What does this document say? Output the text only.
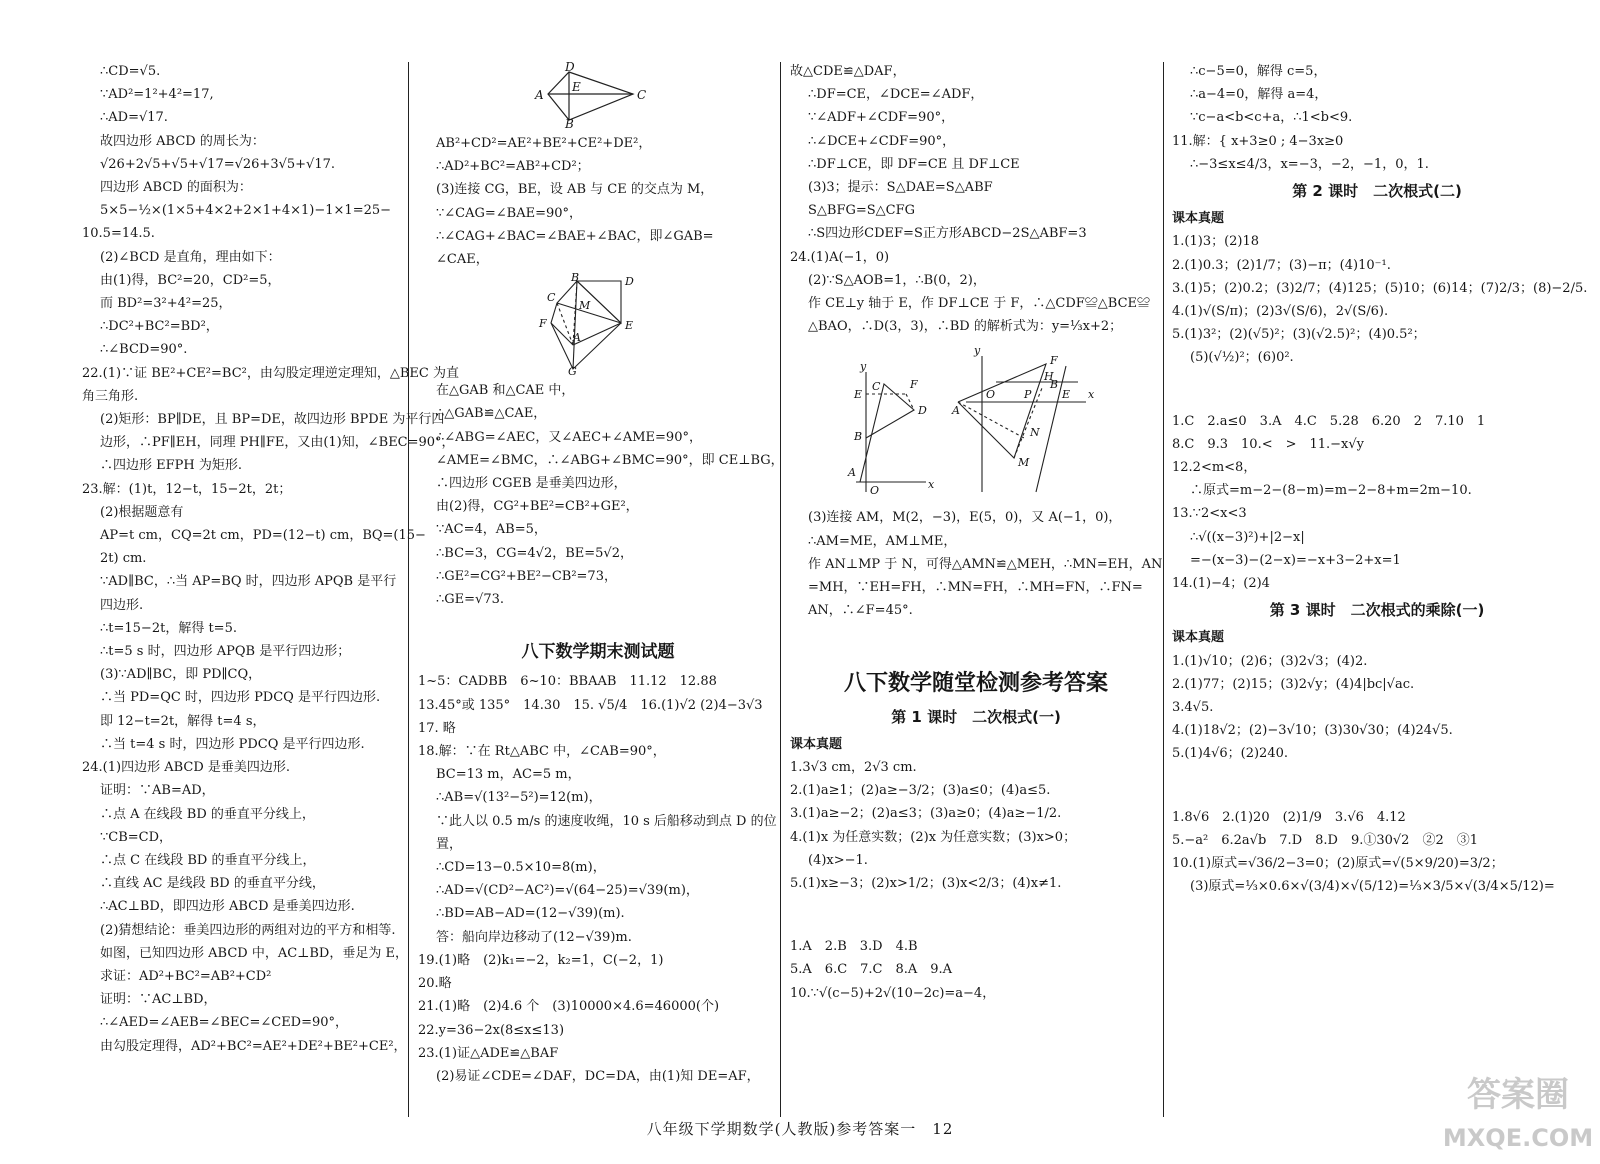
∴CD=√5.
∵AD²=1²+4²=17,
∴AD=√17.
故四边形 ABCD 的周长为：
√26+2√5+√5+√17=√26+3√5+√17.
四边形 ABCD 的面积为：
5×5−½×(1×5+4×2+2×1+4×1)−1×1=25−
10.5=14.5.
(2)∠BCD 是直角，理由如下：
由(1)得，BC²=20，CD²=5，
而 BD²=3²+4²=25，
∴DC²+BC²=BD²，
∴∠BCD=90°.
22.(1)∵证 BE²+CE²=BC²，由勾股定理逆定理知，△BEC 为直
角三角形.
(2)矩形：BP∥DE，且 BP=DE，故四边形 BPDE 为平行四
边形，∴PF∥EH，同理 PH∥FE，又由(1)知，∠BEC=90°，
∴四边形 EFPH 为矩形.
23.解：(1)t，12−t，15−2t，2t；
(2)根据题意有
AP=t cm，CQ=2t cm，PD=(12−t) cm，BQ=(15−
2t) cm.
∵AD∥BC，∴当 AP=BQ 时，四边形 APQB 是平行
四边形.
∴t=15−2t，解得 t=5.
∴t=5 s 时，四边形 APQB 是平行四边形；
(3)∵AD∥BC，即 PD∥CQ，
∴当 PD=QC 时，四边形 PDCQ 是平行四边形.
即 12−t=2t，解得 t=4 s，
∴当 t=4 s 时，四边形 PDCQ 是平行四边形.
24.(1)四边形 ABCD 是垂美四边形.
证明：∵AB=AD，
∴点 A 在线段 BD 的垂直平分线上，
∵CB=CD，
∴点 C 在线段 BD 的垂直平分线上，
∴直线 AC 是线段 BD 的垂直平分线，
∴AC⊥BD，即四边形 ABCD 是垂美四边形.
(2)猜想结论：垂美四边形的两组对边的平方和相等.
如图，已知四边形 ABCD 中，AC⊥BD，垂足为 E，
求证：AD²+BC²=AB²+CD²
证明：∵AC⊥BD，
∴∠AED=∠AEB=∠BEC=∠CED=90°，
由勾股定理得，AD²+BC²=AE²+DE²+BE²+CE²，
D
E
A	C
B
AB²+CD²=AE²+BE²+CE²+DE²，
∴AD²+BC²=AB²+CD²；
(3)连接 CG，BE，设 AB 与 CE 的交点为 M，
∵∠CAG=∠BAE=90°，
∴∠CAG+∠BAC=∠BAE+∠BAC，即∠GAB=
∠CAE，
B	D
C
M
F
A
E
G
在△GAB 和△CAE 中，
∴△GAB≌△CAE，
∴∠ABG=∠AEC，又∠AEC+∠AME=90°，
∠AME=∠BMC，∴∠ABG+∠BMC=90°，即 CE⊥BG，
∴四边形 CGEB 是垂美四边形，
由(2)得，CG²+BE²=CB²+GE²，
∵AC=4，AB=5，
∴BC=3，CG=4√2，BE=5√2，
∴GE²=CG²+BE²−CB²=73，
∴GE=√73.
八下数学期末测试题
1~5：CADBB　6~10：BBAAB　11.12　12.88
13.45°或 135°　14.30　15. √5/4　16.(1)√2 (2)4−3√3
17. 略
18.解：∵在 Rt△ABC 中，∠CAB=90°，
BC=13 m，AC=5 m，
∴AB=√(13²−5²)=12(m)，
∵此人以 0.5 m/s 的速度收绳，10 s 后船移动到点 D 的位
置，
∴CD=13−0.5×10=8(m)，
∴AD=√(CD²−AC²)=√(64−25)=√39(m)，
∴BD=AB−AD=(12−√39)(m).
答：船向岸边移动了(12−√39)m.
19.(1)略　(2)k₁=−2，k₂=1，C(−2，1)
20.略
21.(1)略　(2)4.6 个　(3)10000×4.6=46000(个)
22.y=36−2x(8≤x≤13)
23.(1)证△ADE≌△BAF
(2)易证∠CDE=∠DAF，DC=DA，由(1)知 DE=AF，
故△CDE≌△DAF，
∴DF=CE，∠DCE=∠ADF，
∵∠ADF+∠CDF=90°，
∴∠DCE+∠CDF=90°，
∴DF⊥CE，即 DF=CE 且 DF⊥CE
(3)3；提示：S△DAE=S△ABF
S△BFG=S△CFG
∴S四边形CDEF=S正方形ABCD−2S△ABF=3
24.(1)A(−1，0)
(2)∵S△AOB=1，∴B(0，2)，
作 CE⊥y 轴于 E，作 DF⊥CE 于 F，∴△CDF≌△BCE≌
△BAO，∴D(3，3)，∴BD 的解析式为：y=⅓x+2；
y
E
C	F
D
B
A
O	x
y
F
H
A
O	P	E x
N
M
B
(3)连接 AM，M(2，−3)，E(5，0)，又 A(−1，0)，
∴AM=ME，AM⊥ME，
作 AN⊥MP 于 N，可得△AMN≌△MEH，∴MN=EH，AN
=MH，∵EH=FH，∴MN=FH，∴MH=FN，∴FN=
AN，∴∠F=45°.
八下数学随堂检测参考答案
第 1 课时　二次根式(一)
课本真题
1.3√3 cm，2√3 cm.
2.(1)a≥1；(2)a≥−3/2；(3)a≤0；(4)a≤5.
3.(1)a≥−2；(2)a≤3；(3)a≥0；(4)a≥−1/2.
4.(1)x 为任意实数；(2)x 为任意实数；(3)x>0；
(4)x>−1.
5.(1)x≥−3；(2)x>1/2；(3)x<2/3；(4)x≠1.
1.A　2.B　3.D　4.B
5.A　6.C　7.C　8.A　9.A
10.∵√(c−5)+2√(10−2c)=a−4，
∴c−5=0，解得 c=5，
∴a−4=0，解得 a=4，
∵c−a<b<c+a，∴1<b<9.
11.解：{ x+3≥0 ; 4−3x≥0
∴−3≤x≤4/3，x=−3，−2，−1，0，1.
第 2 课时　二次根式(二)
课本真题
1.(1)3；(2)18
2.(1)0.3；(2)1/7；(3)−π；(4)10⁻¹.
3.(1)5；(2)0.2；(3)2/7；(4)125；(5)10；(6)14；(7)2/3；(8)−2/5.
4.(1)√(S/π)；(2)3√(S/6)，2√(S/6).
5.(1)3²；(2)(√5)²；(3)(√2.5)²；(4)0.5²；
(5)(√½)²；(6)0².
1.C　2.a≤0　3.A　4.C　5.28　6.20　2　7.10　1
8.C　9.3　10.<　>　11.−x√y
12.2<m<8，
∴原式=m−2−(8−m)=m−2−8+m=2m−10.
13.∵2<x<3
∴√((x−3)²)+|2−x|
=−(x−3)−(2−x)=−x+3−2+x=1
14.(1)−4；(2)4
第 3 课时　二次根式的乘除(一)
课本真题
1.(1)√10；(2)6；(3)2√3；(4)2.
2.(1)77；(2)15；(3)2√y；(4)4|bc|√ac.
3.4√5.
4.(1)18√2；(2)−3√10；(3)30√30；(4)24√5.
5.(1)4√6；(2)240.
1.8√6　2.(1)20　(2)1/9　3.√6　4.12
5.−a²　6.2a√b　7.D　8.D　9.①30√2　②2　③1
10.(1)原式=√36/2−3=0；(2)原式=√(5×9/20)=3/2；
(3)原式=⅓×0.6×√(3/4)×√(5/12)=⅓×3/5×√(3/4×5/12)=
八年级下学期数学(人教版)参考答案一　12
答案圈
MXQE.COM
